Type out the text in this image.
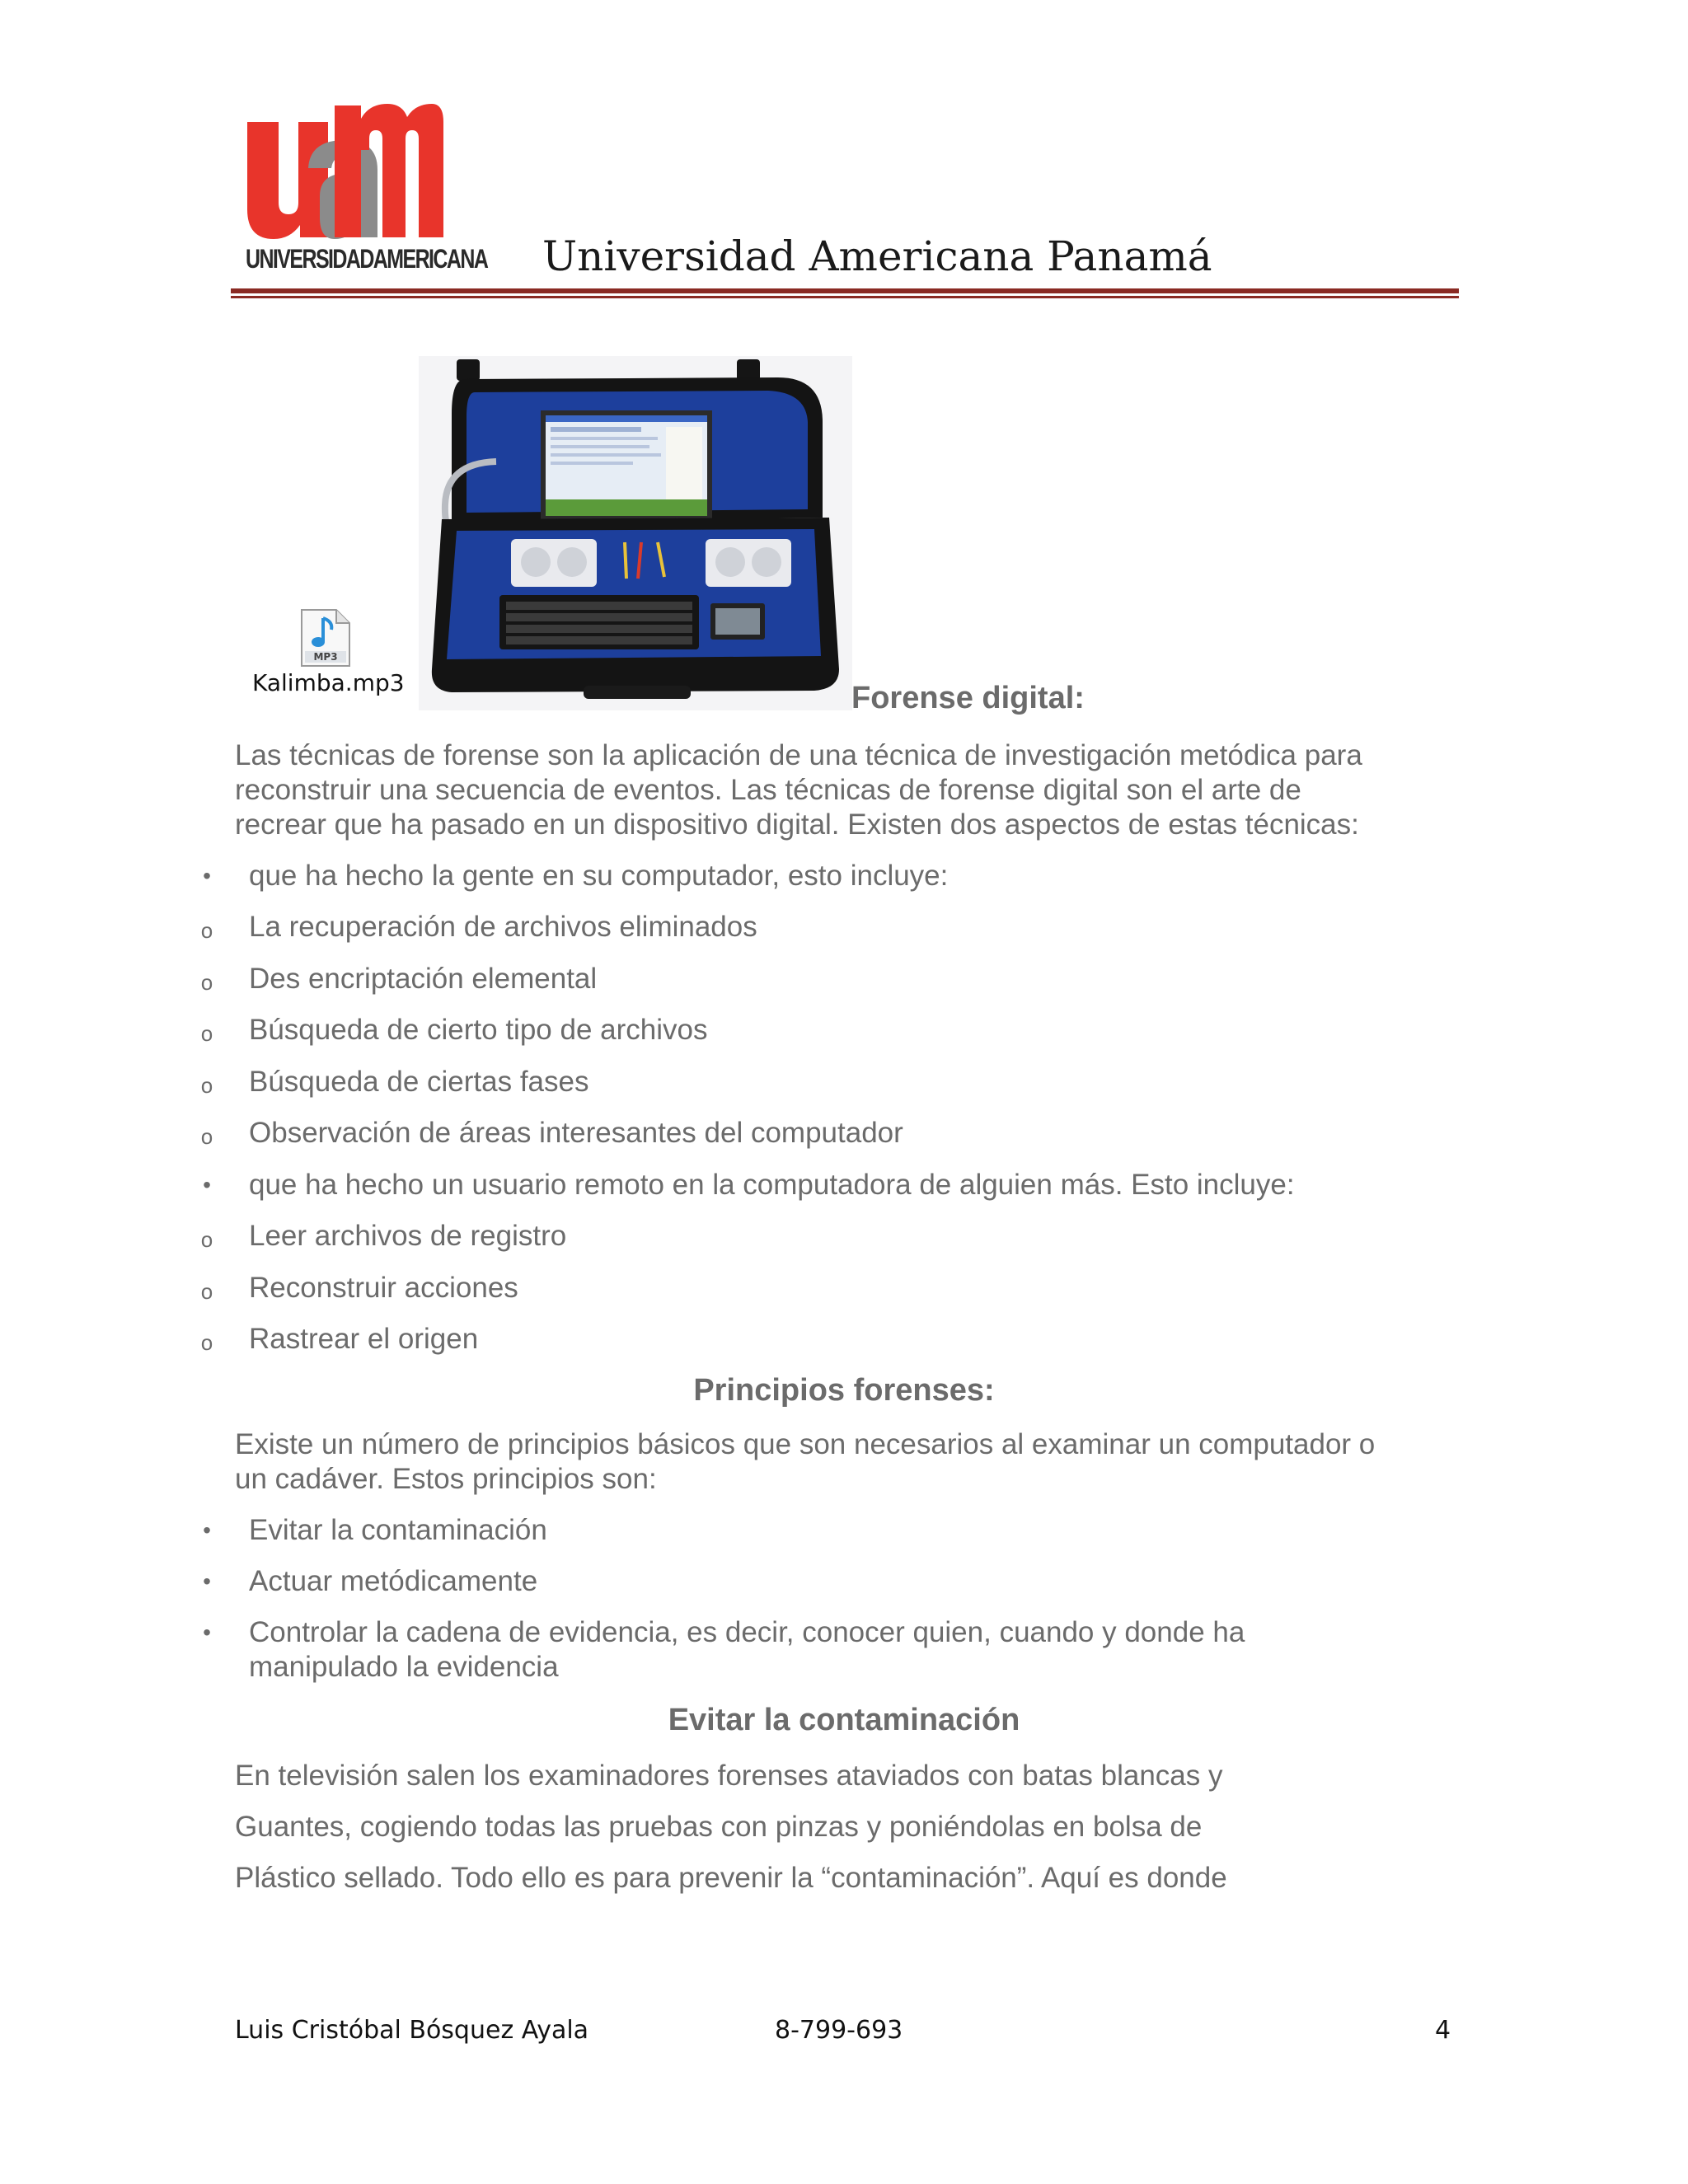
UNIVERSIDADAMERICANA Universidad Americana Panamá
MP3
Kalimba.mp3	Forense digital:
Las técnicas de forense son la aplicación de una técnica de investigación metódica para
reconstruir una secuencia de eventos. Las técnicas de forense digital son el arte de
recrear que ha pasado en un dispositivo digital. Existen dos aspectos de estas técnicas:
• que ha hecho la gente en su computador, esto incluye:
o La recuperación de archivos eliminados
o Des encriptación elemental
o Búsqueda de cierto tipo de archivos
o Búsqueda de ciertas fases
o Observación de áreas interesantes del computador
• que ha hecho un usuario remoto en la computadora de alguien más. Esto incluye:
o Leer archivos de registro
o Reconstruir acciones
o Rastrear el origen
Principios forenses:
Existe un número de principios básicos que son necesarios al examinar un computador o
un cadáver. Estos principios son:
• Evitar la contaminación
• Actuar metódicamente
• Controlar la cadena de evidencia, es decir, conocer quien, cuando y donde ha
manipulado la evidencia
Evitar la contaminación
En televisión salen los examinadores forenses ataviados con batas blancas y
Guantes, cogiendo todas las pruebas con pinzas y poniéndolas en bolsa de
Plástico sellado. Todo ello es para prevenir la “contaminación”. Aquí es donde
Luis Cristóbal Bósquez Ayala	8-799-693	4
